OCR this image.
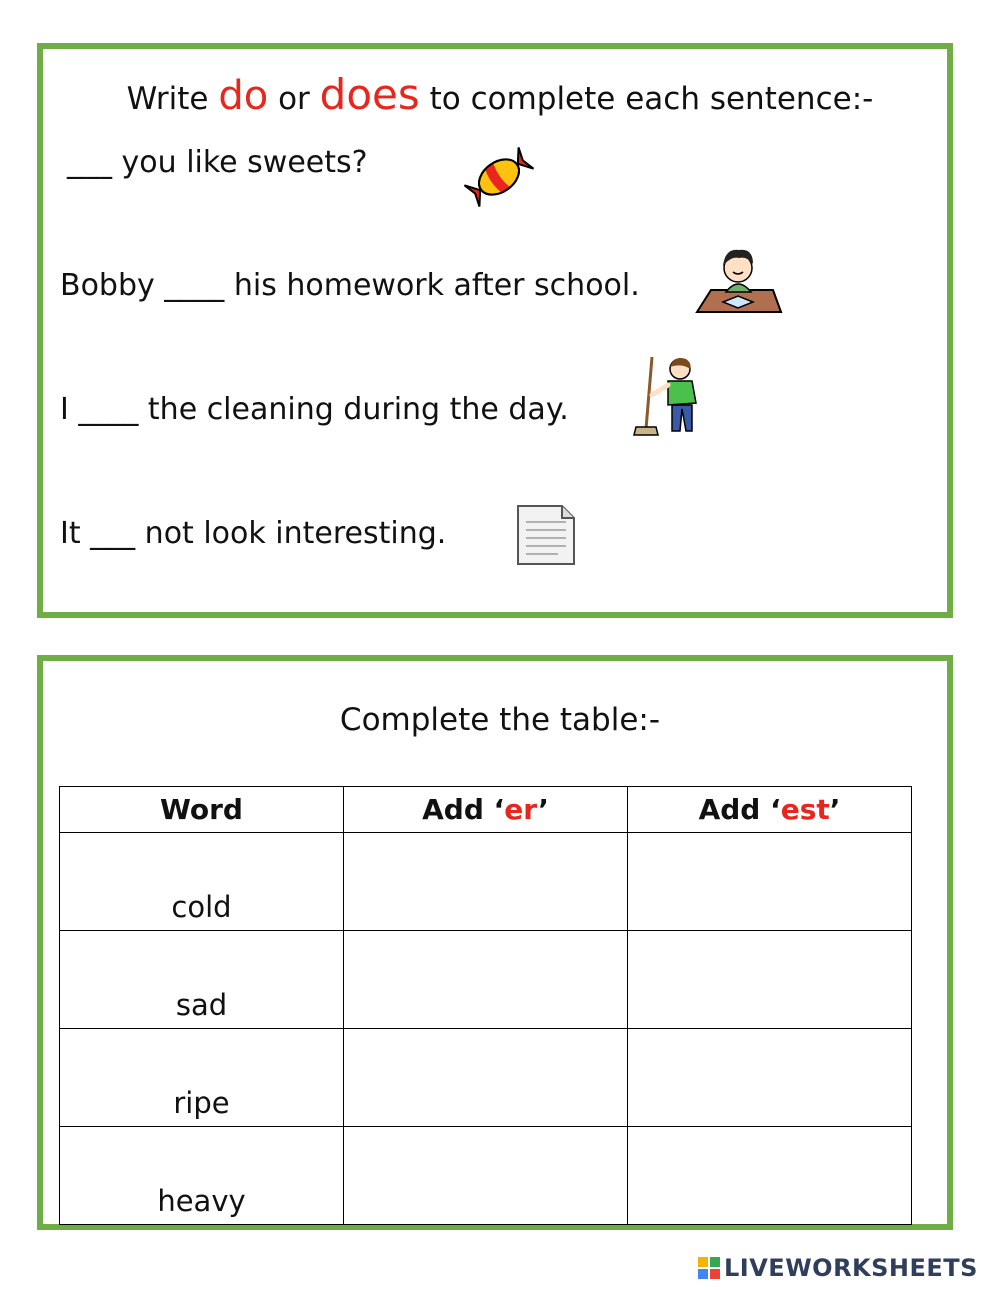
Write do or does to complete each sentence:-
___ you like sweets?
Bobby ____ his homework after school.
I ____ the cleaning during the day.
It ___ not look interesting.
Complete the table:-
Word	Add ‘er’	Add ‘est’
cold		
sad		
ripe		
heavy		
LIVEWORKSHEETS
